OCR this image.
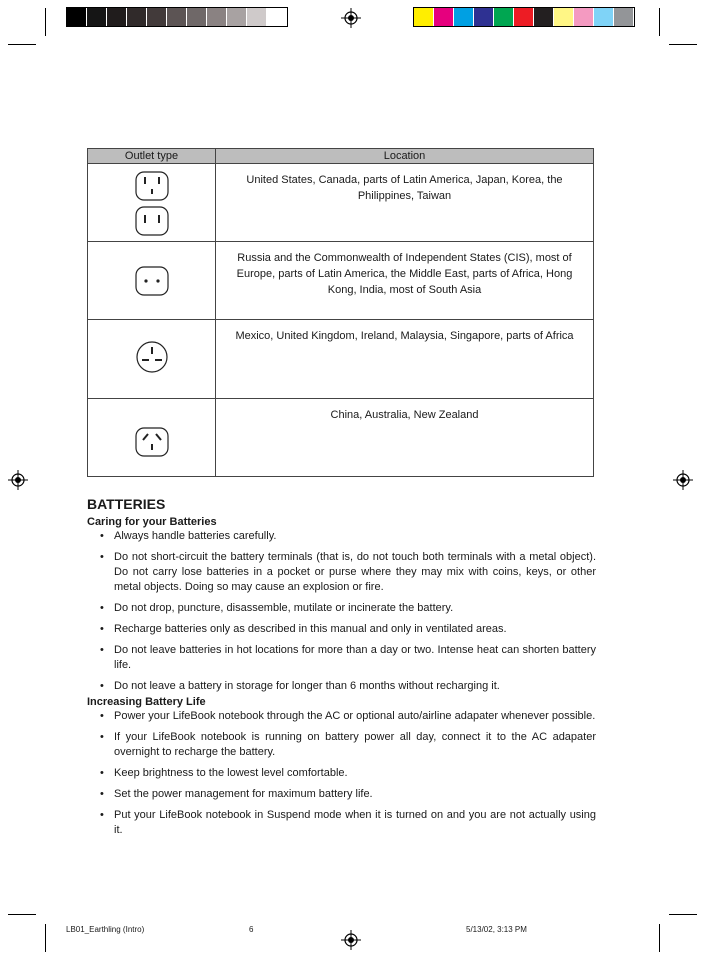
Outlet type	Location

	United States, Canada, parts of Latin America, Japan, Korea, the Philippines, Taiwan

	Russia and the Commonwealth of Independent States (CIS), most of Europe, parts of Latin America, the Middle East, parts of Africa, Hong Kong, India, most of South Asia

	Mexico, United Kingdom, Ireland, Malaysia, Singapore, parts of Africa

	China, Australia, New Zealand
BATTERIES
Caring for your Batteries
• Always handle batteries carefully.
• Do not short-circuit the battery terminals (that is, do not touch both terminals with a metal object). Do not carry lose batteries in a pocket or purse where they may mix with coins, keys, or other metal objects. Doing so may cause an explosion or fire.
• Do not drop, puncture, disassemble, mutilate or incinerate the battery.
• Recharge batteries only as described in this manual and only in ventilated areas.
• Do not leave batteries in hot locations for more than a day or two. Intense heat can shorten battery life.
• Do not leave a battery in storage for longer than 6 months without recharging it.
Increasing Battery Life
• Power your LifeBook notebook through the AC or optional auto/airline adapater whenever possible.
• If your LifeBook notebook is running on battery power all day, connect it to the AC adapater overnight to recharge the battery.
• Keep brightness to the lowest level comfortable.
• Set the power management for maximum battery life.
• Put your LifeBook notebook in Suspend mode when it is turned on and you are not actually using it.
LB01_Earthling (Intro)	6	5/13/02, 3:13 PM
